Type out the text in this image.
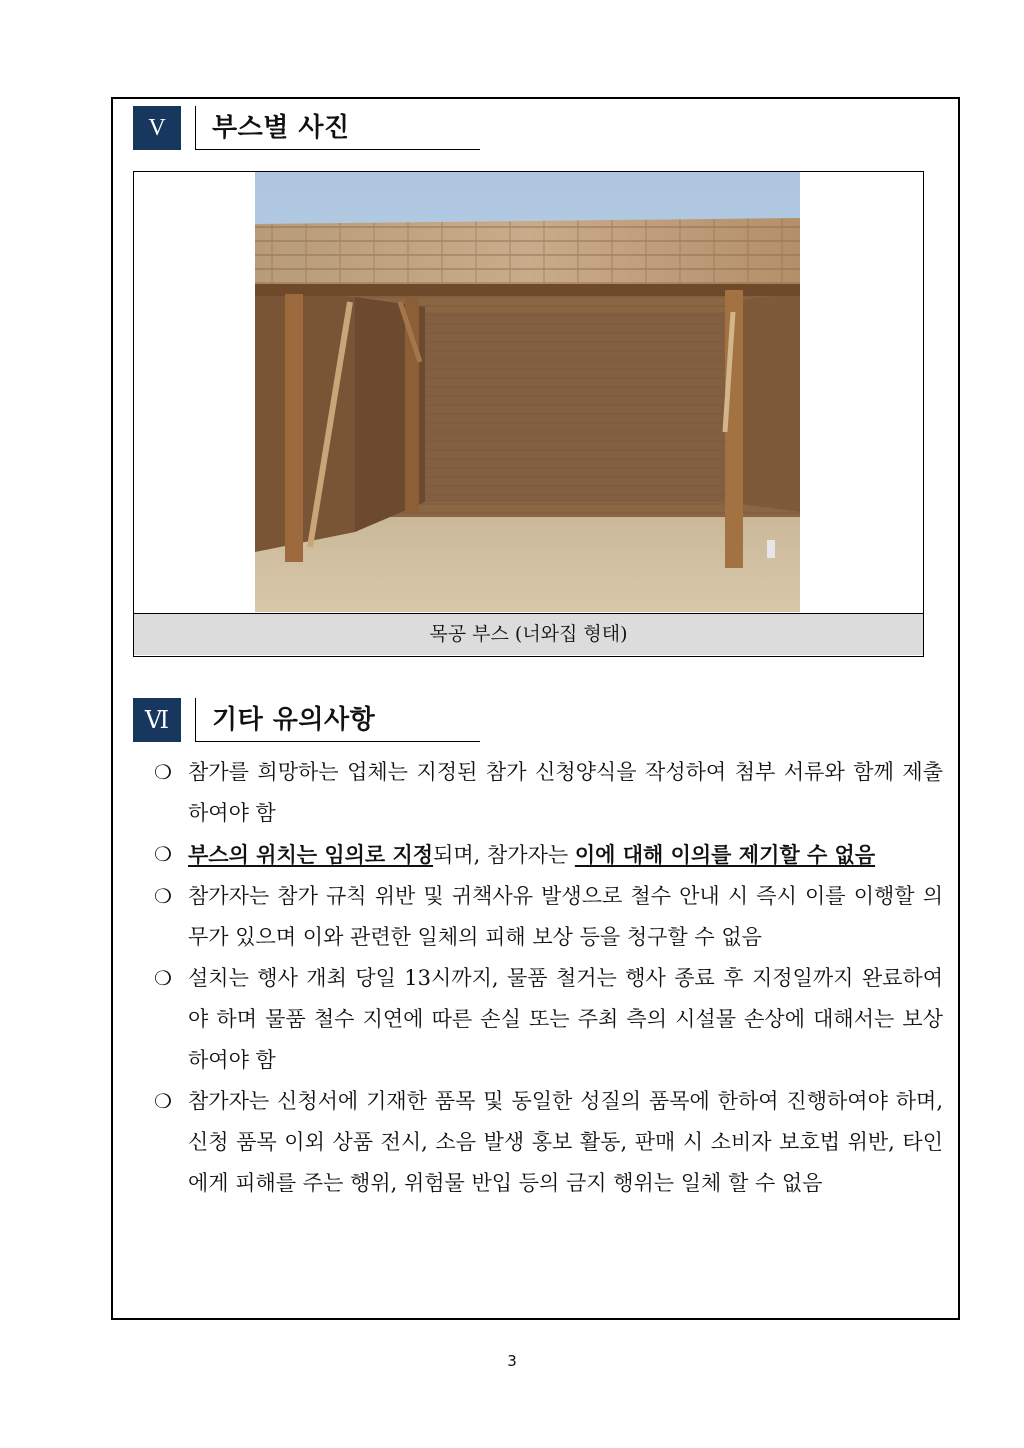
V	부스별 사진
목공 부스 (너와집 형태)
Ⅵ	기타 유의사항
❍ 참가를 희망하는 업체는 지정된 참가 신청양식을 작성하여 첨부 서류와 함께 제출하여야 함
❍ 부스의 위치는 임의로 지정되며, 참가자는 이에 대해 이의를 제기할 수 없음
❍ 참가자는 참가 규칙 위반 및 귀책사유 발생으로 철수 안내 시 즉시 이를 이행할 의무가 있으며 이와 관련한 일체의 피해 보상 등을 청구할 수 없음
❍ 설치는 행사 개최 당일 13시까지, 물품 철거는 행사 종료 후 지정일까지 완료하여야 하며 물품 철수 지연에 따른 손실 또는 주최 측의 시설물 손상에 대해서는 보상하여야 함
❍ 참가자는 신청서에 기재한 품목 및 동일한 성질의 품목에 한하여 진행하여야 하며, 신청 품목 이외 상품 전시, 소음 발생 홍보 활동, 판매 시 소비자 보호법 위반, 타인에게 피해를 주는 행위, 위험물 반입 등의 금지 행위는 일체 할 수 없음
3
